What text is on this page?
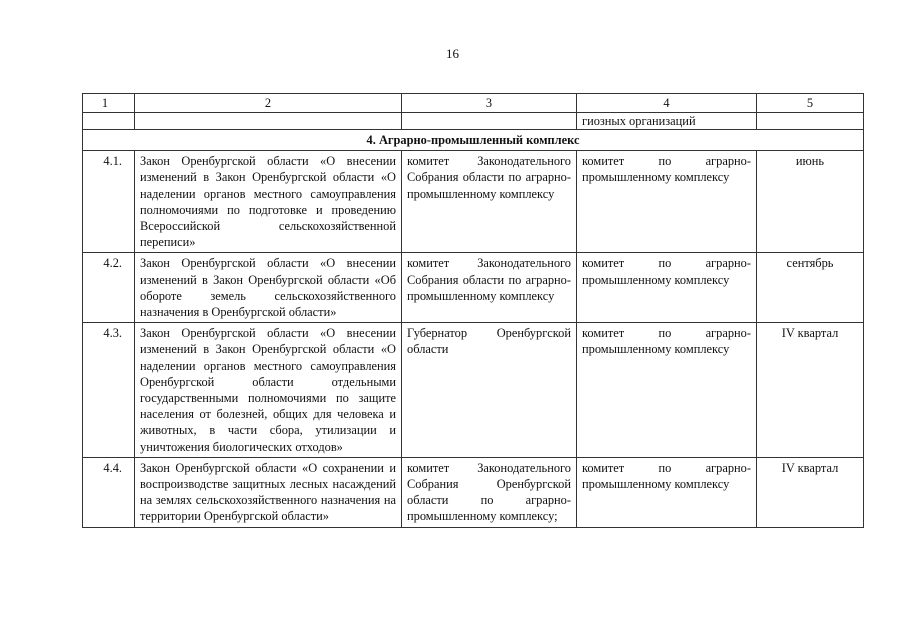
16
1	2	3	4	5
			гиозных организаций	
4. Аграрно-промышленный комплекс				
4.1.	Закон Оренбургской области «О внесении изменений в Закон Оренбургской области «О наделении органов местного самоуправления полномочиями по подготовке и проведению Всероссийской сельскохозяйственной переписи»	комитет Законодательного Собрания области по аграрно-промышленному комплексу	комитет по аграрно-промышленному комплексу	июнь
4.2.	Закон Оренбургской области «О внесении изменений в Закон Оренбургской области «Об обороте земель сельскохозяйственного назначения в Оренбургской области»	комитет Законодательного Собрания области по аграрно-промышленному комплексу	комитет по аграрно-промышленному комплексу	сентябрь
4.3.	Закон Оренбургской области «О внесении изменений в Закон Оренбургской области «О наделении органов местного самоуправления Оренбургской области отдельными государственными полномочиями по защите населения от болезней, общих для человека и животных, в части сбора, утилизации и уничтожения биологических отходов»	Губернатор Оренбургской области	комитет по аграрно-промышленному комплексу	IV квартал
4.4.	Закон Оренбургской области «О сохранении и воспроизводстве защитных лесных насаждений на землях сельскохозяйственного назначения на территории Оренбургской области»	комитет Законодательного Собрания Оренбургской области по аграрно-промышленному комплексу;	комитет по аграрно-промышленному комплексу	IV квартал
